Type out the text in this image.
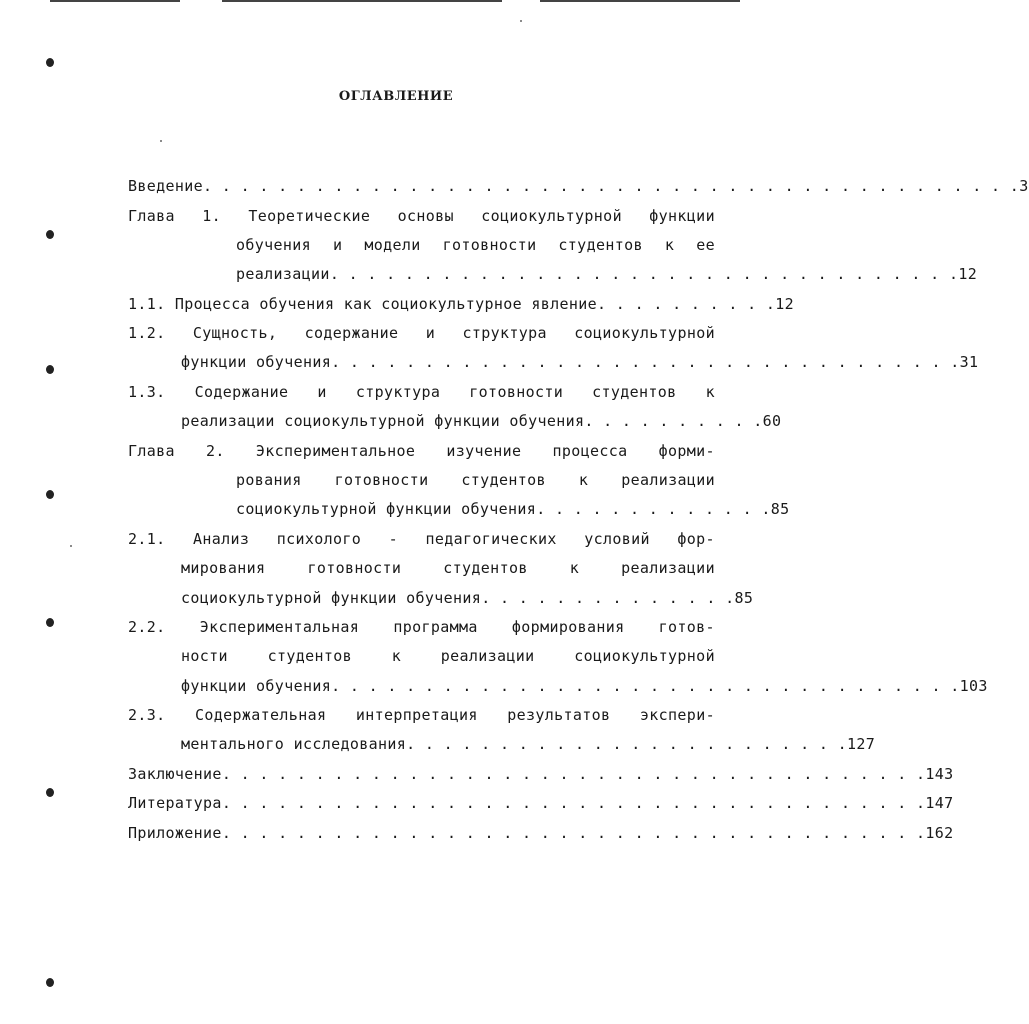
ОГЛАВЛЕНИЕ
Введение . . . . . . . . . . . . . . . . . . . . . . . . . . . . . . . . . . . . . . . . . . . . 3
Глава 1. Теоретические основы социокультурной функции
обучения и модели готовности студентов к ее
реализации . . . . . . . . . . . . . . . . . . . . . . . . . . . . . . . . . . 12
1.1. Процесса обучения как социокультурное явление . . . . . . . . . . 12
1.2. Сущность, содержание и структура социокультурной
функции обучения . . . . . . . . . . . . . . . . . . . . . . . . . . . . . . . . . . 31
1.3. Содержание и структура готовности студентов к
реализации социокультурной функции обучения . . . . . . . . . . 60
Глава 2. Экспериментальное изучение процесса форми-
рования готовности студентов к реализации
социокультурной функции обучения . . . . . . . . . . . . . 85
2.1. Анализ психолого - педагогических условий фор-
мирования	готовности	студентов	к	реализации
социокультурной функции обучения . . . . . . . . . . . . . . 85
2.2. Экспериментальная программа формирования готов-
ности	студентов	к	реализации	социокультурной
функции обучения . . . . . . . . . . . . . . . . . . . . . . . . . . . . . . . . . . 103
2.3. Содержательная интерпретация результатов экспери-
ментального исследования . . . . . . . . . . . . . . . . . . . . . . . . 127
Заключение . . . . . . . . . . . . . . . . . . . . . . . . . . . . . . . . . . . . . . 143
Литература . . . . . . . . . . . . . . . . . . . . . . . . . . . . . . . . . . . . . . 147
Приложение . . . . . . . . . . . . . . . . . . . . . . . . . . . . . . . . . . . . . . 162
